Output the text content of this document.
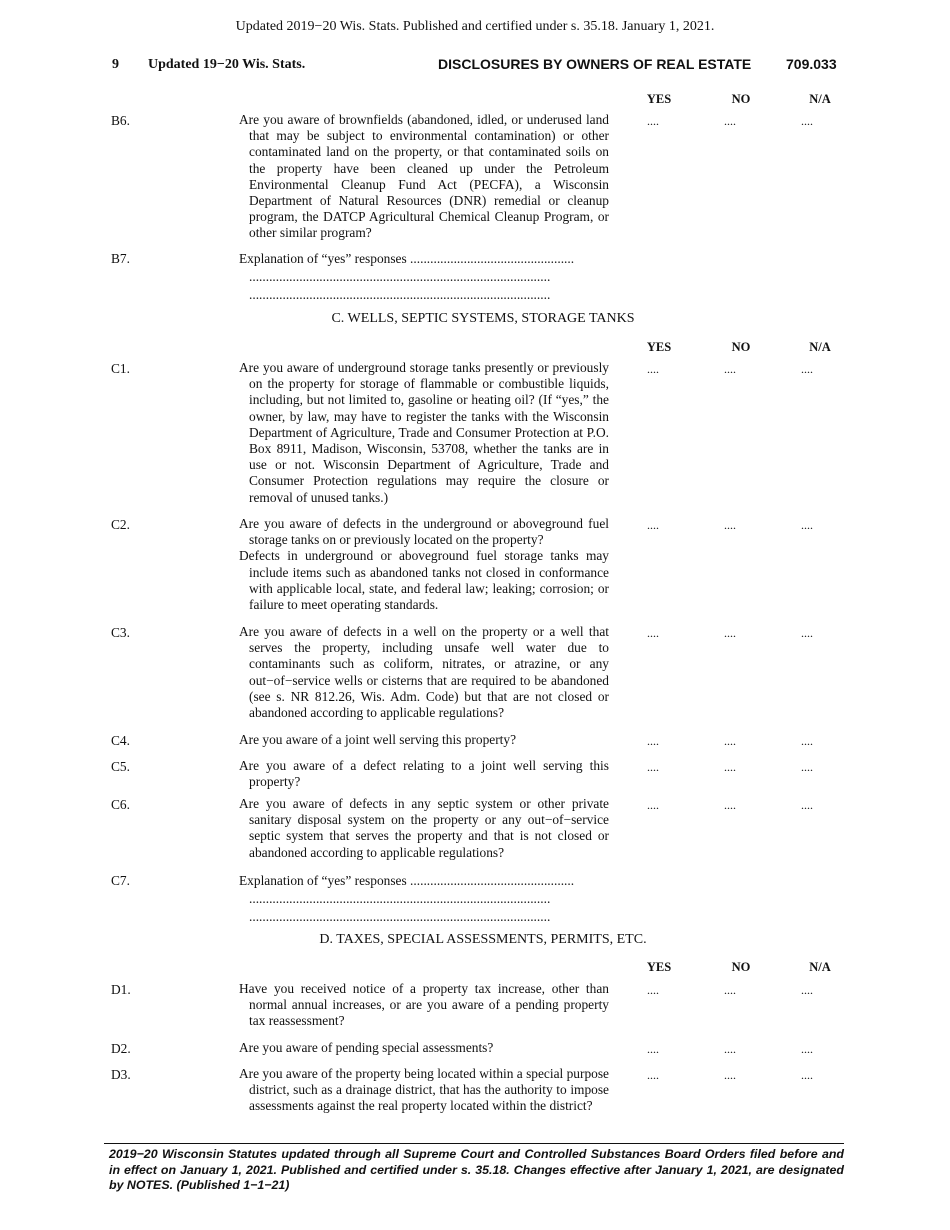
Updated 2019−20 Wis. Stats. Published and certified under s. 35.18. January 1, 2021.
9 Updated 19−20 Wis. Stats.	DISCLOSURES BY OWNERS OF REAL ESTATE 709.033
YES	NO	N/A
B6.	Are you aware of brownfields (abandoned, idled, or underused land that may be subject to environmental contamination) or other contaminated land on the property, or that contaminated soils on the property have been cleaned up under the Petroleum Environmental Cleanup Fund Act (PECFA), a Wisconsin Department of Natural Resources (DNR) remedial or cleanup program, the DATCP Agricultural Chemical Cleanup Program, or other similar program?

....	....	....
B7.	Explanation of “yes” responses .................................................
..........................................................................................
..........................................................................................
C. WELLS, SEPTIC SYSTEMS, STORAGE TANKS
YES	NO	N/A
C1.	Are you aware of underground storage tanks presently or previously on the property for storage of flammable or combustible liquids, including, but not limited to, gasoline or heating oil? (If “yes,” the owner, by law, may have to register the tanks with the Wisconsin Department of Agriculture, Trade and Consumer Protection at P.O. Box 8911, Madison, Wisconsin, 53708, whether the tanks are in use or not. Wisconsin Department of Agriculture, Trade and Consumer Protection regulations may require the closure or removal of unused tanks.)

....	....	....
C2.	Are you aware of defects in the underground or aboveground fuel storage tanks on or previously located on the property?

Defects in underground or aboveground fuel storage tanks may include items such as abandoned tanks not closed in conformance with applicable local, state, and federal law; leaking; corrosion; or failure to meet operating standards.

....	....	....
C3.	Are you aware of defects in a well on the property or a well that serves the property, including unsafe well water due to contaminants such as coliform, nitrates, or atrazine, or any out−of−service wells or cisterns that are required to be abandoned (see s. NR 812.26, Wis. Adm. Code) but that are not closed or abandoned according to applicable regulations?

....	....	....
C4.	Are you aware of a joint well serving this property?	....	....	....
C5.	Are you aware of a defect relating to a joint well serving this property?

....	....	....
C6.	Are you aware of defects in any septic system or other private sanitary disposal system on the property or any out−of−service septic system that serves the property and that is not closed or abandoned according to applicable regulations?

....	....	....
C7.	Explanation of “yes” responses .................................................
..........................................................................................
..........................................................................................
D. TAXES, SPECIAL ASSESSMENTS, PERMITS, ETC.
YES	NO	N/A
D1.	Have you received notice of a property tax increase, other than normal annual increases, or are you aware of a pending property tax reassessment?

....	....	....
D2.	Are you aware of pending special assessments?	....	....	....
D3.	Are you aware of the property being located within a special purpose district, such as a drainage district, that has the authority to impose assessments against the real property located within the district?

....	....	....
2019−20 Wisconsin Statutes updated through all Supreme Court and Controlled Substances Board Orders filed before and in effect on January 1, 2021. Published and certified under s. 35.18. Changes effective after January 1, 2021, are designated by NOTES. (Published 1−1−21)
